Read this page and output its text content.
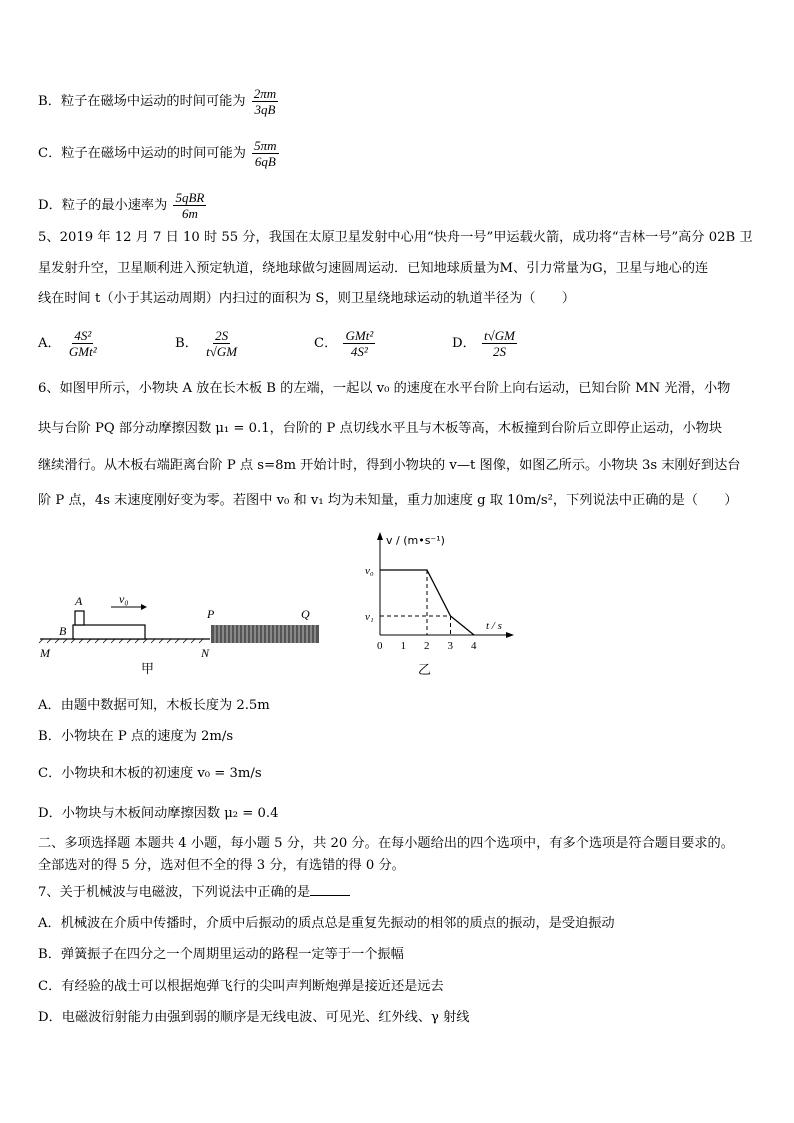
B．粒子在磁场中运动的时间可能为 $\frac{2\pi m}{3qB}$
C．粒子在磁场中运动的时间可能为 $\frac{5\pi m}{6qB}$
D．粒子的最小速率为 $\frac{\text{5qBR}}{6m}$
5、2019 年 12 月 7 日 10 时 55 分，我国在太原卫星发射中心用“快舟一号”甲运载火箭，成功将“吉林一号”高分 02B 卫
星发射升空，卫星顺利进入预定轨道，绕地球做匀速圆周运动．已知地球质量为M、引力常量为G，卫星与地心的连
线在时间 t（小于其运动周期）内扫过的面积为 S，则卫星绕地球运动的轨道半径为（　　）
A． $\frac{\text{4S²}}{\text{GMt²}}$	B． $\frac{2S}{t√GM}$	C． $\frac{\text{GMt²}}{\text{4S²}}$	D． $\frac{t√GM}{2S}$
6、如图甲所示，小物块 A 放在长木板 B 的左端，一起以 v₀ 的速度在水平台阶上向右运动，已知台阶 MN 光滑，小物
块与台阶 PQ 部分动摩擦因数 μ₁ = 0.1，台阶的 P 点切线水平且与木板等高，木板撞到台阶后立即停止运动，小物块
继续滑行。从木板右端距离台阶 P 点 s=8m 开始计时，得到小物块的 v—t 图像，如图乙所示。小物块 3s 末刚好到达台
阶 P 点，4s 末速度刚好变为零。若图中 v₀ 和 v₁ 均为未知量，重力加速度 g 取 10m/s²，下列说法中正确的是（　　）
A
B
v₀
P	Q
M	N
甲
v / (m•s⁻¹)
t / s
v₀
v₁
0 1 2 3 4
乙
A．由题中数据可知，木板长度为 2.5m
B．小物块在 P 点的速度为 2m/s
C．小物块和木板的初速度 v₀ = 3m/s
D．小物块与木板间动摩擦因数 μ₂ = 0.4
二、多项选择题 本题共 4 小题，每小题 5 分，共 20 分。在每小题给出的四个选项中，有多个选项是符合题目要求的。
全部选对的得 5 分，选对但不全的得 3 分，有选错的得 0 分。
7、关于机械波与电磁波，下列说法中正确的是
A．机械波在介质中传播时，介质中后振动的质点总是重复先振动的相邻的质点的振动，是受迫振动
B．弹簧振子在四分之一个周期里运动的路程一定等于一个振幅
C．有经验的战士可以根据炮弹飞行的尖叫声判断炮弹是接近还是远去
D．电磁波衍射能力由强到弱的顺序是无线电波、可见光、红外线、γ 射线
